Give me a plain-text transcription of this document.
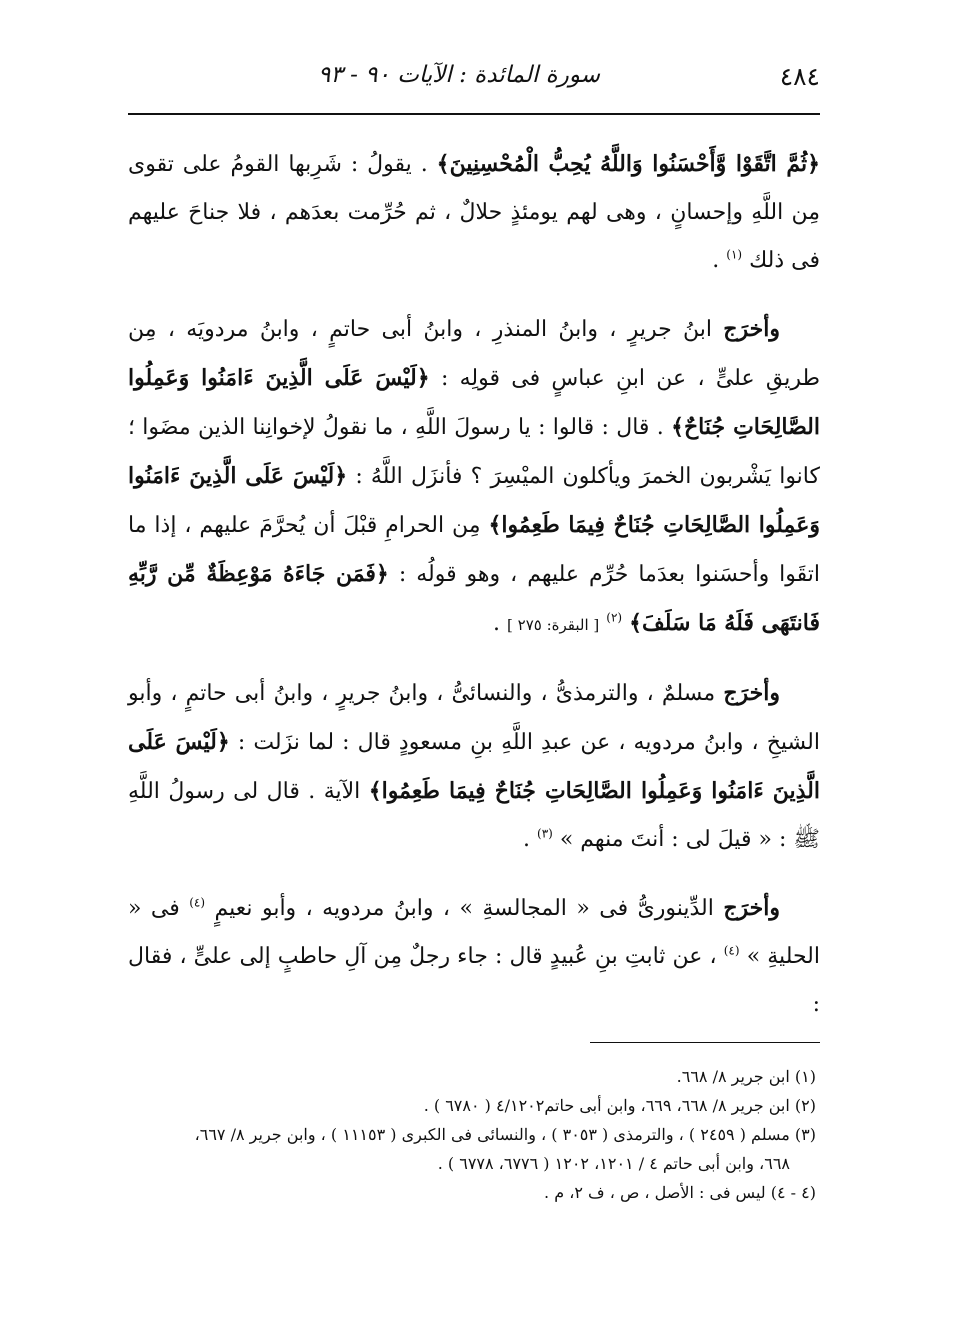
٤٨٤
سورة المائدة : الآيات ٩٠ - ٩٣

﴿ثُمَّ اتَّقَوْا وَّأَحْسَنُوا وَاللَّهُ يُحِبُّ الْمُحْسِنِينَ﴾ . يقولُ : شَرِبها القومُ على تقوى مِن اللَّهِ وإحسانٍ ، وهى لهم يومئذٍ حلالٌ ، ثم حُرِّمت بعدَهم ، فلا جناحَ عليهم فى ذلك $^{(١)}$ .

وأخرَج ابنُ جريرٍ ، وابنُ المنذرِ ، وابنُ أبى حاتمٍ ، وابنُ مردويَه ، مِن طريقِ علىٍّ ، عن ابنِ عباسٍ فى قولِه : ﴿لَيْسَ عَلَى الَّذِينَ ءَامَنُوا وَعَمِلُوا الصَّالِحَاتِ جُنَاحٌ﴾ . قال : قالوا : يا رسولَ اللَّهِ ، ما نقولُ لإخوانِنا الذين مضَوا ؛ كانوا يَشْربون الخمرَ ويأكلون الميْسِرَ ؟ فأنزَل اللَّهُ : ﴿لَيْسَ عَلَى الَّذِينَ ءَامَنُوا وَعَمِلُوا الصَّالِحَاتِ جُنَاحٌ فِيمَا طَعِمُوا﴾ مِن الحرامِ قبْلَ أن يُحرَّمَ عليهم ، إذا ما اتقَوا وأحسَنوا بعدَما حُرِّم عليهم ، وهو قولُه : ﴿فَمَن جَاءَهُ مَوْعِظَةٌ مِّن رَّبِّهِ فَانتَهَى فَلَهُ مَا سَلَفَ﴾ $^{(٢)}$ [ البقرة: ٢٧٥ ] .

وأخرَج مسلمٌ ، والترمذىُّ ، والنسائىُّ ، وابنُ جريرٍ ، وابنُ أبى حاتمٍ ، وأبو الشيخِ ، وابنُ مردويه ، عن عبدِ اللَّهِ بنِ مسعودٍ قال : لما نزَلت : ﴿لَيْسَ عَلَى الَّذِينَ ءَامَنُوا وَعَمِلُوا الصَّالِحَاتِ جُنَاحٌ فِيمَا طَعِمُوا﴾ الآية . قال لى رسولُ اللَّهِ ﷺ : « قيلَ لى : أنتَ منهم » $^{(٣)}$ .

وأخرَج الدِّينورىُّ فى « المجالسةِ » ، وابنُ مردويه ، وأبو نعيمٍ $^{(٤)}$ فى « الحليةِ » $^{(٤)}$ ، عن ثابتِ بنِ عُبيدٍ قال : جاء رجلٌ مِن آلِ حاطبٍ إلى علىٍّ ، فقال :

(١) ابن جرير ٨/ ٦٦٨.

(٢) ابن جرير ٨/ ٦٦٨، ٦٦٩، وابن أبى حاتم٤/١٢٠٢ ( ٦٧٨٠ ) .

(٣) مسلم ( ٢٤٥٩ ) ، والترمذى ( ٣٠٥٣ ) ، والنسائى فى الكبرى ( ١١١٥٣ ) ، وابن جرير ٨/ ٦٦٧،

٦٦٨، وابن أبى حاتم ٤ / ١٢٠١، ١٢٠٢ ( ٦٧٧٦، ٦٧٧٨ ) .

(٤ - ٤) ليس فى : الأصل ، ص ، ف ٢، م .
